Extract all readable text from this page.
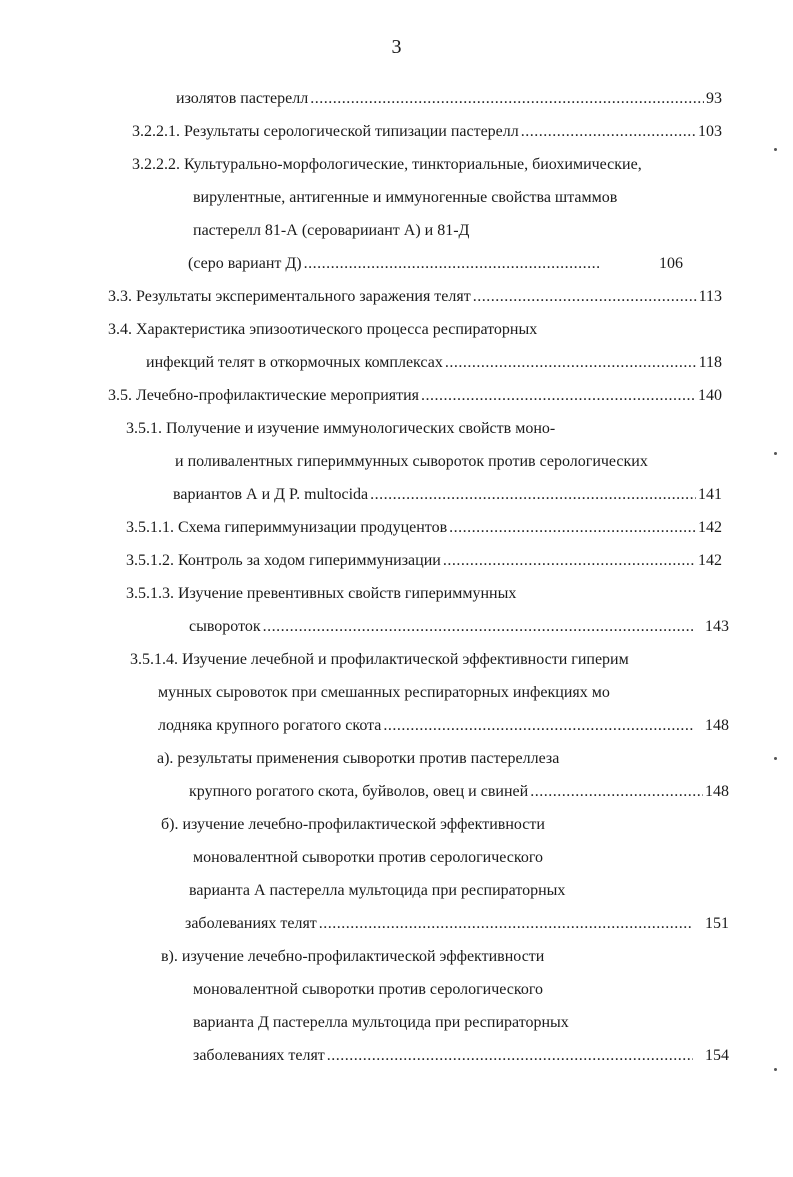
3
изолятов пастерелл .....	93
3.2.2.1. Результаты серологической типизации пастерелл .....	103
3.2.2.2. Культурально-морфологические, тинкториальные, биохимические,
вирулентные, антигенные и иммуногенные свойства штаммов
пастерелл 81-А (сероварииант А) и 81-Д
(серо вариант Д) .....	106
3.3. Результаты экспериментального заражения телят .....	113
3.4. Характеристика эпизоотического процесса респираторных
инфекций телят в откормочных комплексах .....	118
3.5. Лечебно-профилактические мероприятия .....	140
3.5.1. Получение и изучение иммунологических свойств моно-
и поливалентных гипериммунных сывороток против серологических
вариантов А и Д P. multocida .....	141
3.5.1.1. Схема гипериммунизации продуцентов .....	142
3.5.1.2. Контроль за ходом гипериммунизации .....	142
3.5.1.3. Изучение превентивных свойств гипериммунных
сывороток .....	143
3.5.1.4. Изучение лечебной и профилактической эффективности гиперим
мунных сыровоток при смешанных респираторных инфекциях мо
лодняка крупного рогатого скота .....	148
а). результаты применения сыворотки против пастереллеза
крупного рогатого скота, буйволов, овец и свиней .....	148
б). изучение лечебно-профилактической эффективности
моновалентной сыворотки против серологического
варианта А пастерелла мультоцида при респираторных
заболеваниях телят .....	151
в). изучение лечебно-профилактической эффективности
моновалентной сыворотки против серологического
варианта Д пастерелла мультоцида при респираторных
заболеваниях телят .....	154
